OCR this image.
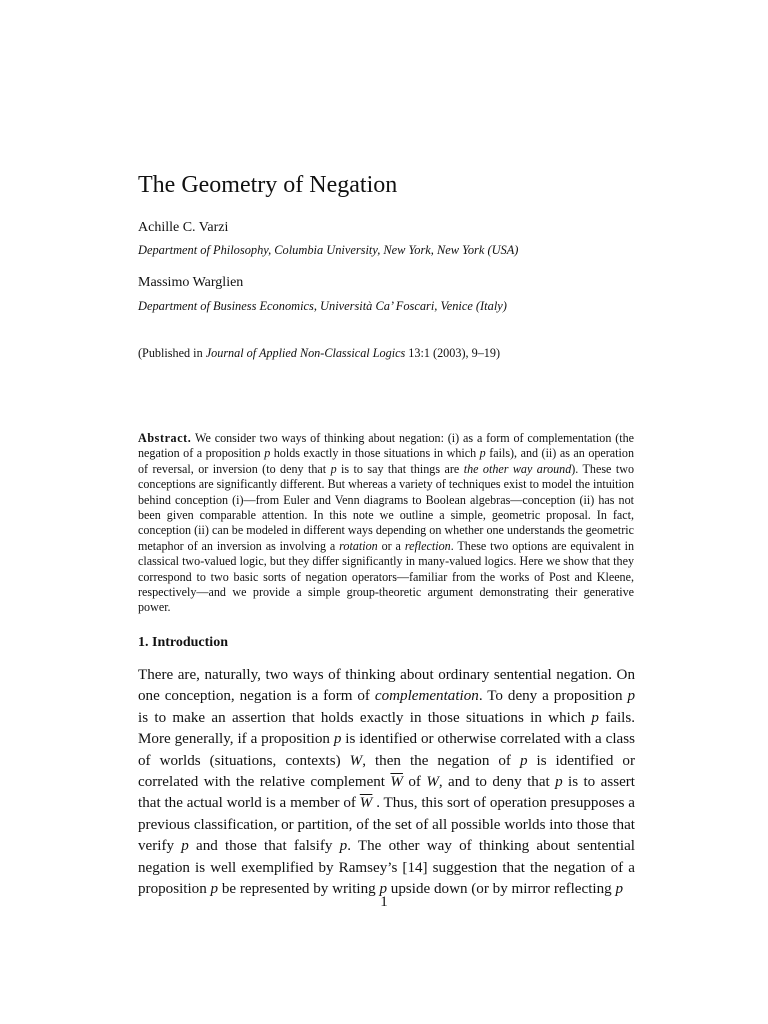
The Geometry of Negation
Achille C. Varzi
Department of Philosophy, Columbia University, New York, New York (USA)
Massimo Warglien
Department of Business Economics, Università Ca’ Foscari, Venice (Italy)
(Published in Journal of Applied Non-Classical Logics 13:1 (2003), 9–19)

Abstract. We consider two ways of thinking about negation: (i) as a form of complementation (the negation of a proposition p holds exactly in those situations in which p fails), and (ii) as an operation of reversal, or inversion (to deny that p is to say that things are the other way around). These two conceptions are significantly different. But whereas a variety of techniques exist to model the intuition behind conception (i)—from Euler and Venn diagrams to Boolean algebras—conception (ii) has not been given comparable attention. In this note we outline a simple, geometric proposal. In fact, conception (ii) can be modeled in different ways depending on whether one understands the geometric metaphor of an inversion as involving a rotation or a reflection. These two options are equivalent in classical two-valued logic, but they differ significantly in many-valued logics. Here we show that they correspond to two basic sorts of negation operators—familiar from the works of Post and Kleene, respectively—and we provide a simple group-theoretic argument demonstrating their generative power.

1. Introduction

There are, naturally, two ways of thinking about ordinary sentential negation. On one conception, negation is a form of complementation. To deny a proposition p is to make an assertion that holds exactly in those situations in which p fails. More generally, if a proposition p is identified or otherwise correlated with a class of worlds (situations, contexts) W, then the negation of p is identified or correlated with the relative complement $\overline{W}$ of W, and to deny that p is to assert that the actual world is a member of $\overline{W}$ . Thus, this sort of operation presupposes a previous classification, or partition, of the set of all possible worlds into those that verify p and those that falsify p. The other way of thinking about sentential negation is well exemplified by Ramsey’s [14] suggestion that the negation of a proposition p be represented by writing p upside down (or by mirror reflecting p

1
